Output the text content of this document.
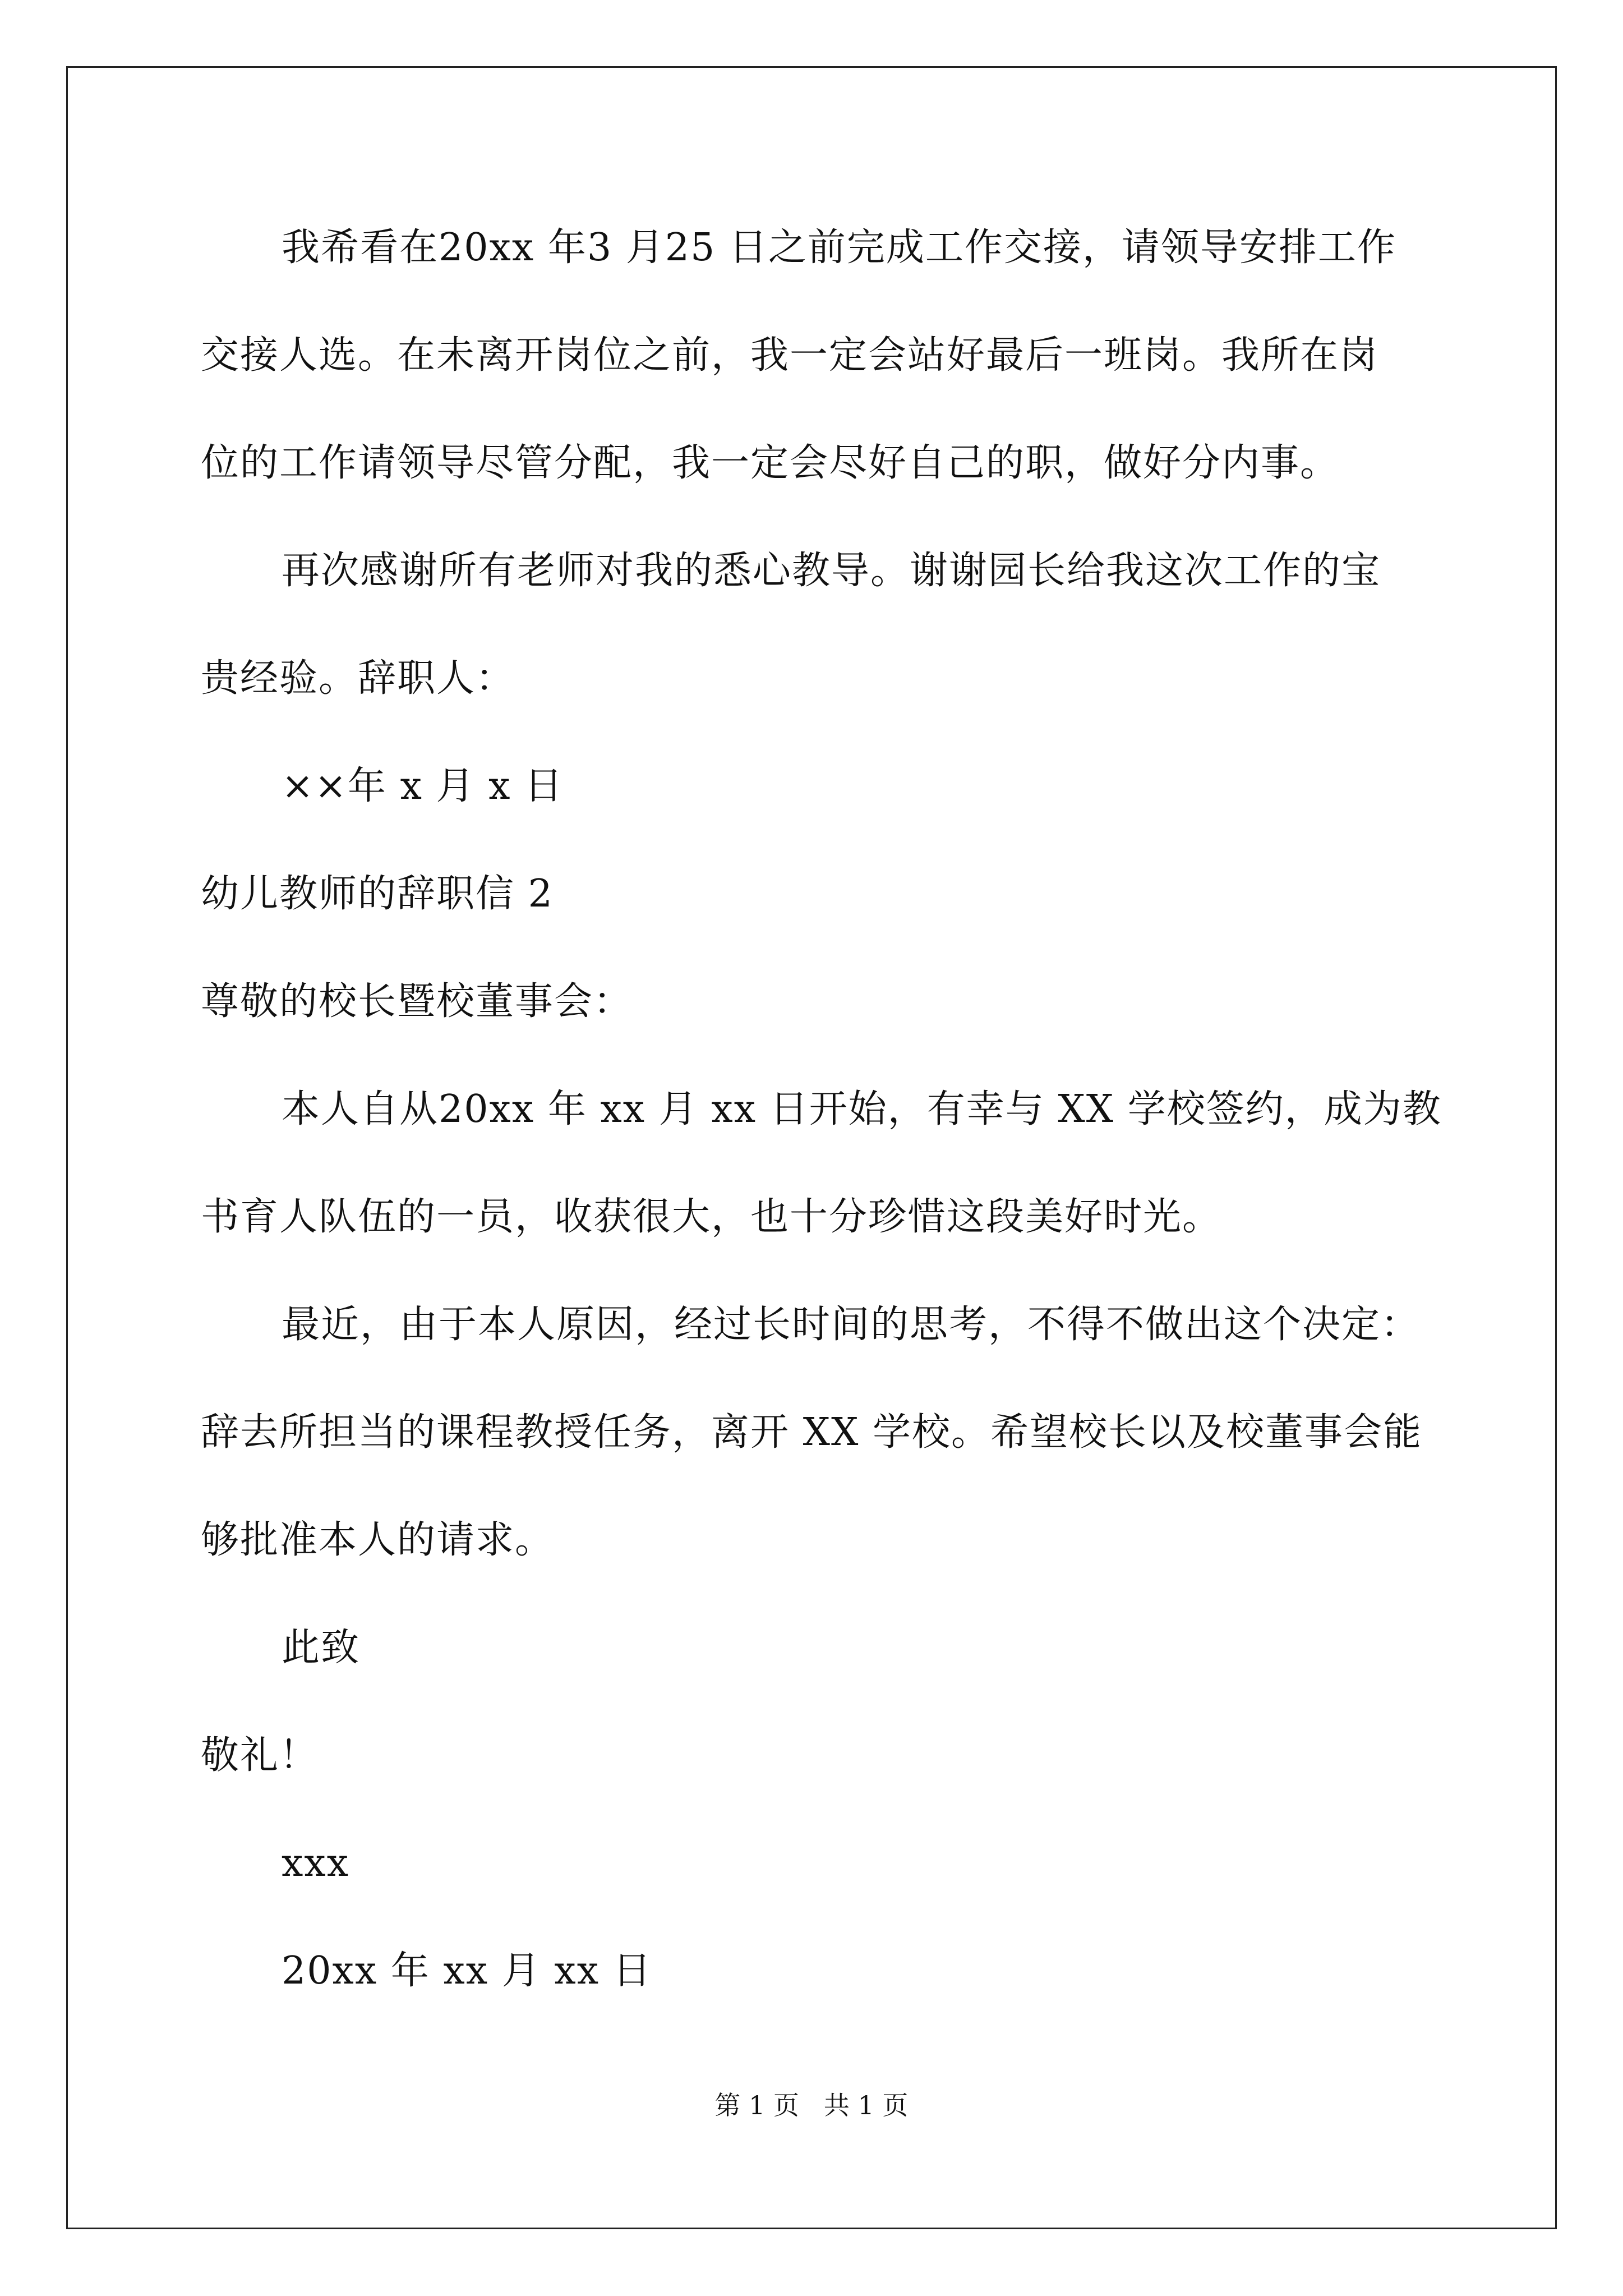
我希看在20xx 年3 月25 日之前完成工作交接，请领导安排工作
交接人选。在未离开岗位之前，我一定会站好最后一班岗。我所在岗
位的工作请领导尽管分配，我一定会尽好自己的职，做好分内事。
再次感谢所有老师对我的悉心教导。谢谢园长给我这次工作的宝
贵经验。辞职人：
××年 x 月 x 日
幼儿教师的辞职信 2
尊敬的校长暨校董事会：
本人自从20xx 年 xx 月 xx 日开始，有幸与 XX 学校签约，成为教
书育人队伍的一员，收获很大，也十分珍惜这段美好时光。
最近，由于本人原因，经过长时间的思考，不得不做出这个决定：
辞去所担当的课程教授任务，离开 XX 学校。希望校长以及校董事会能
够批准本人的请求。
此致
敬礼！
xxx
20xx 年 xx 月 xx 日
第 1 页   共 1 页
